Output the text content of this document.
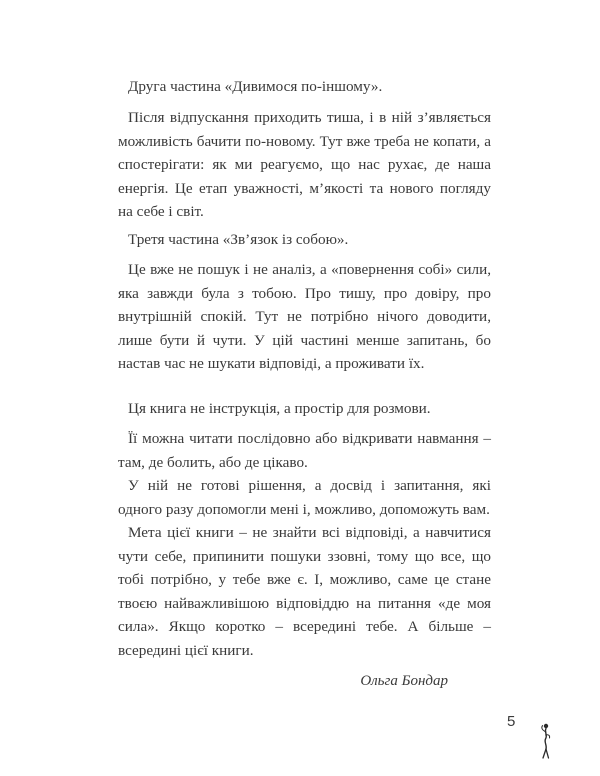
Друга частина «Дивимося по-іншому».

Після відпускання приходить тиша, і в ній з’являється можливість бачити по-новому. Тут вже треба не копати, а спостерігати: як ми реагуємо, що нас рухає, де наша енергія. Це етап уважності, м’якості та нового погляду на себе і світ.

Третя частина «Зв’язок із собою».

Це вже не пошук і не аналіз, а «повернення собі» сили, яка завжди була з тобою. Про тишу, про довіру, про внутрішній спокій. Тут не потрібно нічого доводити, лише бути й чути. У цій частині менше запитань, бо настав час не шукати відповіді, а проживати їх.

Ця книга не інструкція, а простір для розмови.

Її можна читати послідовно або відкривати навмання – там, де болить, або де цікаво.

У ній не готові рішення, а досвід і запитання, які одного разу допомогли мені і, можливо, допоможуть вам.

Мета цієї книги – не знайти всі відповіді, а навчитися чути себе, припинити пошуки ззовні, тому що все, що тобі потрібно, у тебе вже є. І, можливо, саме це стане твоєю найважливішою відповіддю на питання «де моя сила». Якщо коротко – всередині тебе. А більше – всередині цієї книги.

Ольга Бондар
5
